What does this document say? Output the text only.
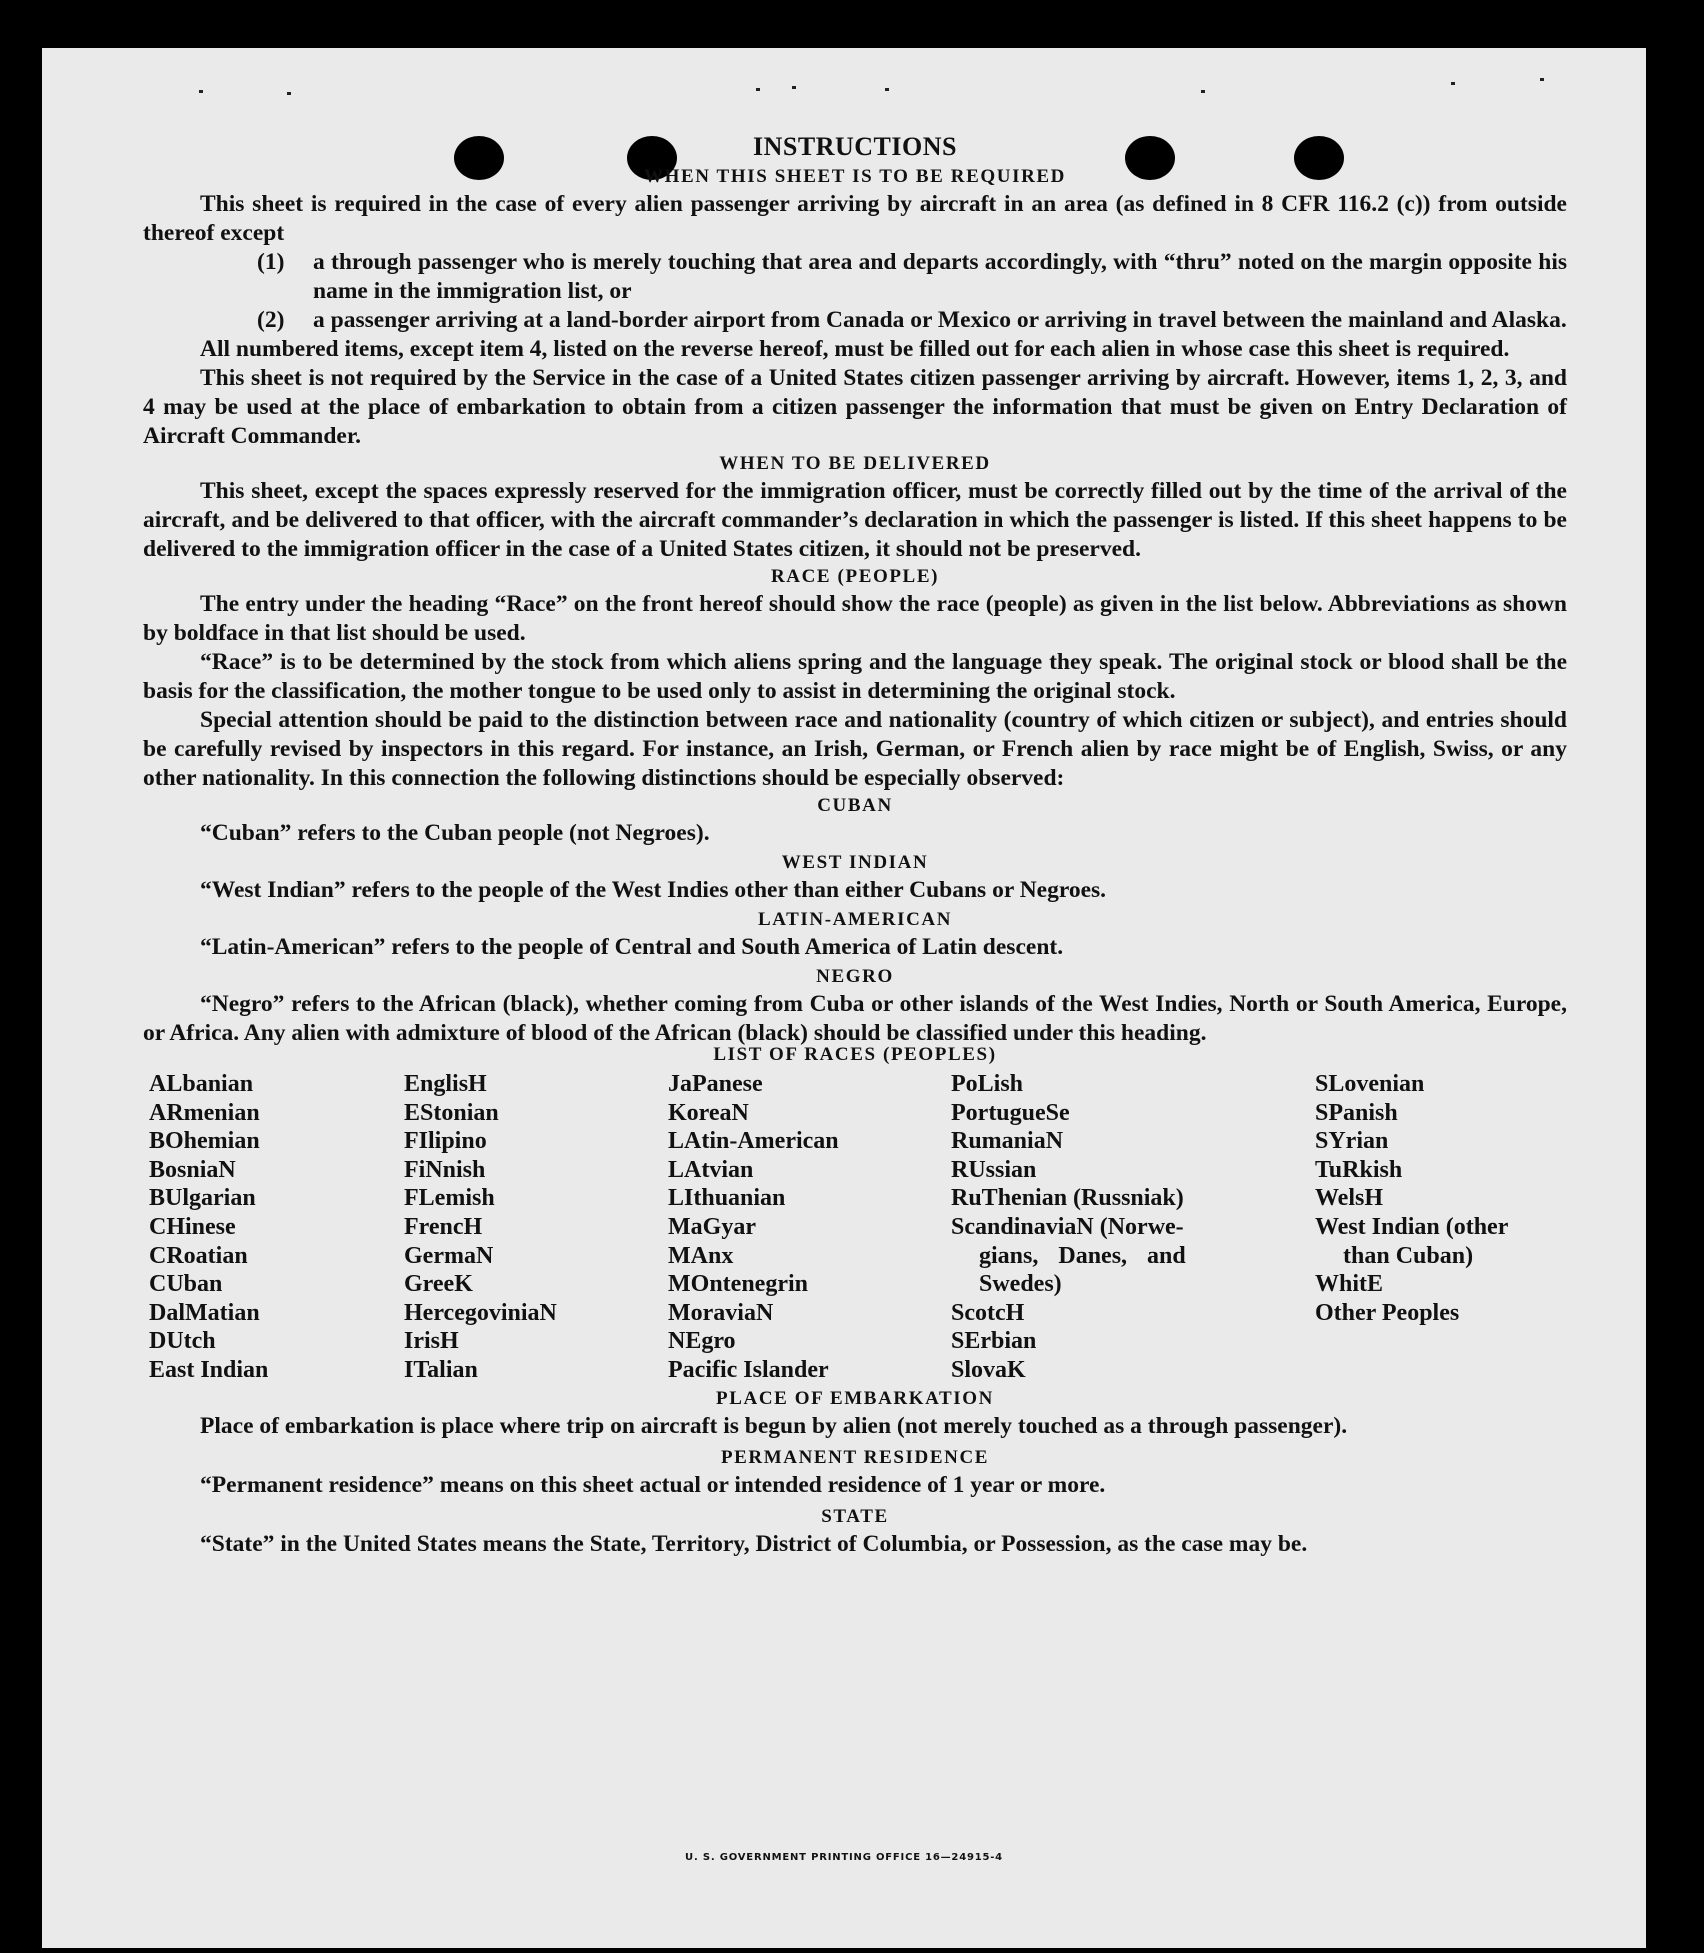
U. S. GOVERNMENT PRINTING OFFICE 16—24915-4
INSTRUCTIONS
WHEN THIS SHEET IS TO BE REQUIRED

This sheet is required in the case of every alien passenger arriving by aircraft in an area (as defined in 8 CFR 116.2 (c)) from outside thereof except

(1)	a through passenger who is merely touching that area and departs accordingly, with “thru” noted on the margin opposite his name in the immigration list, or
(2)	a passenger arriving at a land-border airport from Canada or Mexico or arriving in travel between the mainland and Alaska.

All numbered items, except item 4, listed on the reverse hereof, must be filled out for each alien in whose case this sheet is required.

This sheet is not required by the Service in the case of a United States citizen passenger arriving by aircraft. However, items 1, 2, 3, and 4 may be used at the place of embarkation to obtain from a citizen passenger the information that must be given on Entry Declaration of Aircraft Commander.

WHEN TO BE DELIVERED

This sheet, except the spaces expressly reserved for the immigration officer, must be correctly filled out by the time of the arrival of the aircraft, and be delivered to that officer, with the aircraft commander’s declaration in which the passenger is listed. If this sheet happens to be delivered to the immigration officer in the case of a United States citizen, it should not be preserved.

RACE (PEOPLE)

The entry under the heading “Race” on the front hereof should show the race (people) as given in the list below. Abbreviations as shown by boldface in that list should be used.

“Race” is to be determined by the stock from which aliens spring and the language they speak. The original stock or blood shall be the basis for the classification, the mother tongue to be used only to assist in determining the original stock.

Special attention should be paid to the distinction between race and nationality (country of which citizen or subject), and entries should be carefully revised by inspectors in this regard. For instance, an Irish, German, or French alien by race might be of English, Swiss, or any other nationality. In this connection the following distinctions should be especially observed:

CUBAN

“Cuban” refers to the Cuban people (not Negroes).

WEST INDIAN

“West Indian” refers to the people of the West Indies other than either Cubans or Negroes.

LATIN-AMERICAN

“Latin-American” refers to the people of Central and South America of Latin descent.

NEGRO

“Negro” refers to the African (black), whether coming from Cuba or other islands of the West Indies, North or South America, Europe, or Africa. Any alien with admixture of blood of the African (black) should be classified under this heading.

LIST OF RACES (PEOPLES)
ALbanian
ARmenian
BOhemian
BosniaN
BUlgarian
CHinese
CRoatian
CUban
DalMatian
DUtch
East Indian
EnglisH
EStonian
FIlipino
FiNnish
FLemish
FrencH
GermaN
GreeK
HercegoviniaN
IrisH
ITalian
JaPanese
KoreaN
LAtin-American
LAtvian
LIthuanian
MaGyar
MAnx
MOntenegrin
MoraviaN
NEgro
Pacific Islander
PoLish
PortugueSe
RumaniaN
RUssian
RuThenian (Russniak)
ScandinaviaN (Norwe-
gians, Danes, and
Swedes)
ScotcH
SErbian
SlovaK
SLovenian
SPanish
SYrian
TuRkish
WelsH
West Indian (other
than Cuban)
WhitE
Other Peoples
PLACE OF EMBARKATION

Place of embarkation is place where trip on aircraft is begun by alien (not merely touched as a through passenger).

PERMANENT RESIDENCE

“Permanent residence” means on this sheet actual or intended residence of 1 year or more.

STATE

“State” in the United States means the State, Territory, District of Columbia, or Possession, as the case may be.
